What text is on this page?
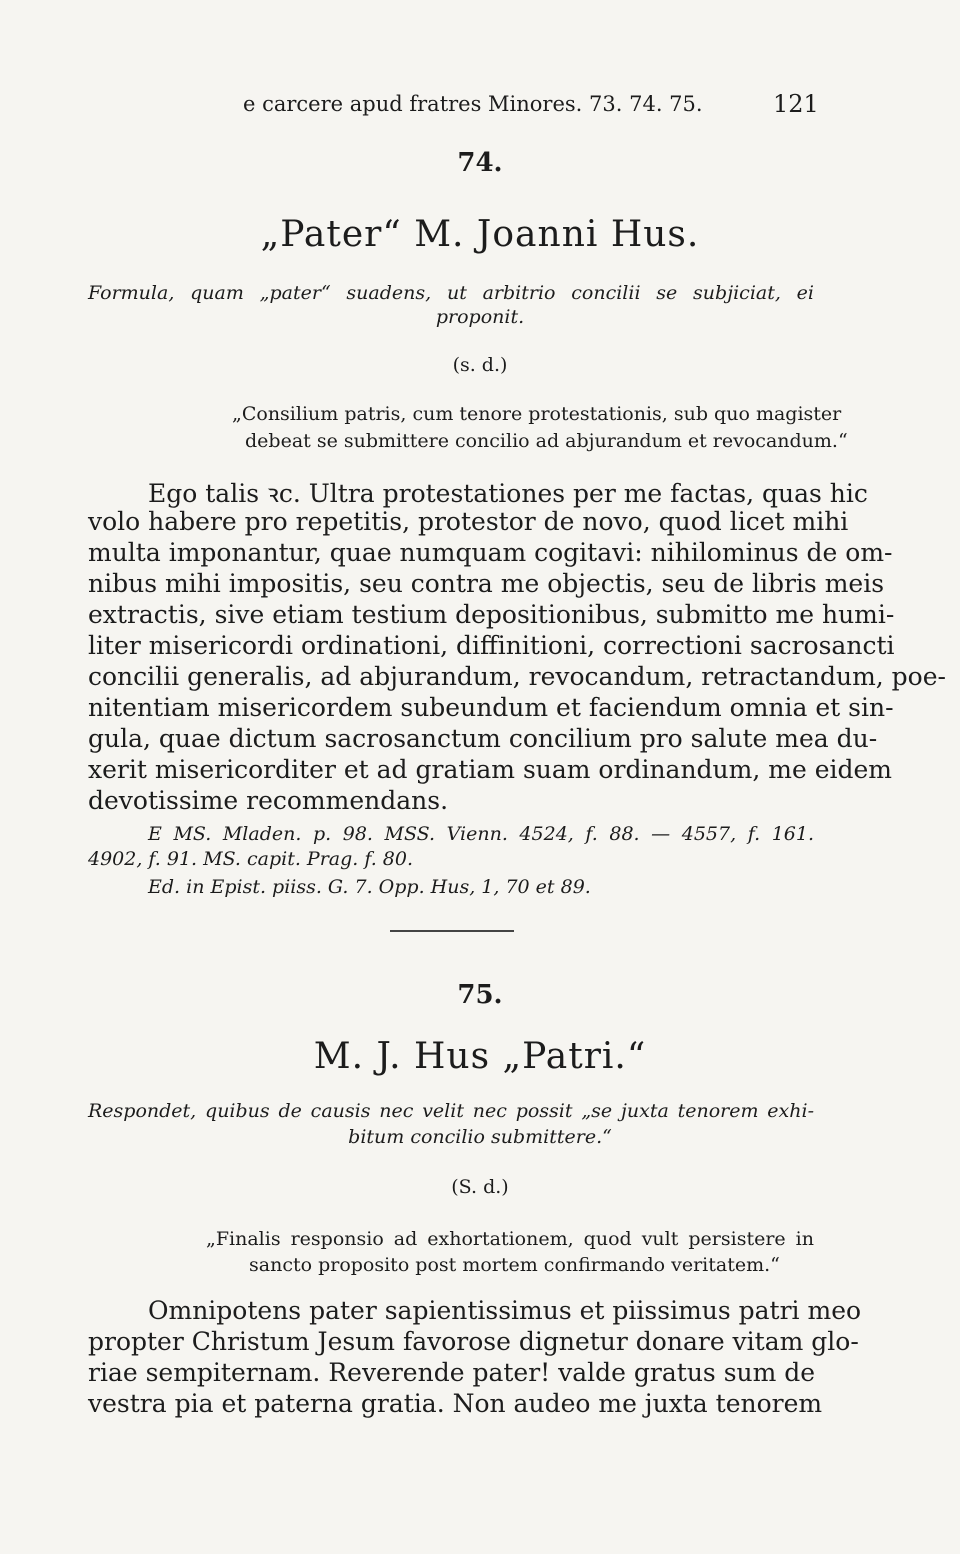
e carcere apud fratres Minores. 73. 74. 75.	121
74.
„Pater“ M. Joanni Hus.
Formula, quam „pater“ suadens, ut arbitrio concilii se subjiciat, ei
proponit.
(s. d.)
„Consilium patris, cum tenore protestationis, sub quo magister
debeat se submittere concilio ad abjurandum et revocandum.“
Ego talis ꝛc. Ultra protestationes per me factas, quas hic
volo habere pro repetitis, protestor de novo, quod licet mihi
multa imponantur, quae numquam cogitavi: nihilominus de om-
nibus mihi impositis, seu contra me objectis, seu de libris meis
extractis, sive etiam testium depositionibus, submitto me humi-
liter misericordi ordinationi, diffinitioni, correctioni sacrosancti
concilii generalis, ad abjurandum, revocandum, retractandum, poe-
nitentiam misericordem subeundum et faciendum omnia et sin-
gula, quae dictum sacrosanctum concilium pro salute mea du-
xerit misericorditer et ad gratiam suam ordinandum, me eidem
devotissime recommendans.
E MS. Mladen. p. 98. MSS. Vienn. 4524, f. 88. — 4557, f. 161.
4902, f. 91. MS. capit. Prag. f. 80.
Ed. in Epist. piiss. G. 7. Opp. Hus, 1, 70 et 89.
75.
M. J. Hus „Patri.“
Respondet, quibus de causis nec velit nec possit „se juxta tenorem exhi-
bitum concilio submittere.“
(S. d.)
„Finalis responsio ad exhortationem, quod vult persistere in
sancto proposito post mortem confirmando veritatem.“
Omnipotens pater sapientissimus et piissimus patri meo
propter Christum Jesum favorose dignetur donare vitam glo-
riae sempiternam. Reverende pater! valde gratus sum de
vestra pia et paterna gratia. Non audeo me juxta tenorem
